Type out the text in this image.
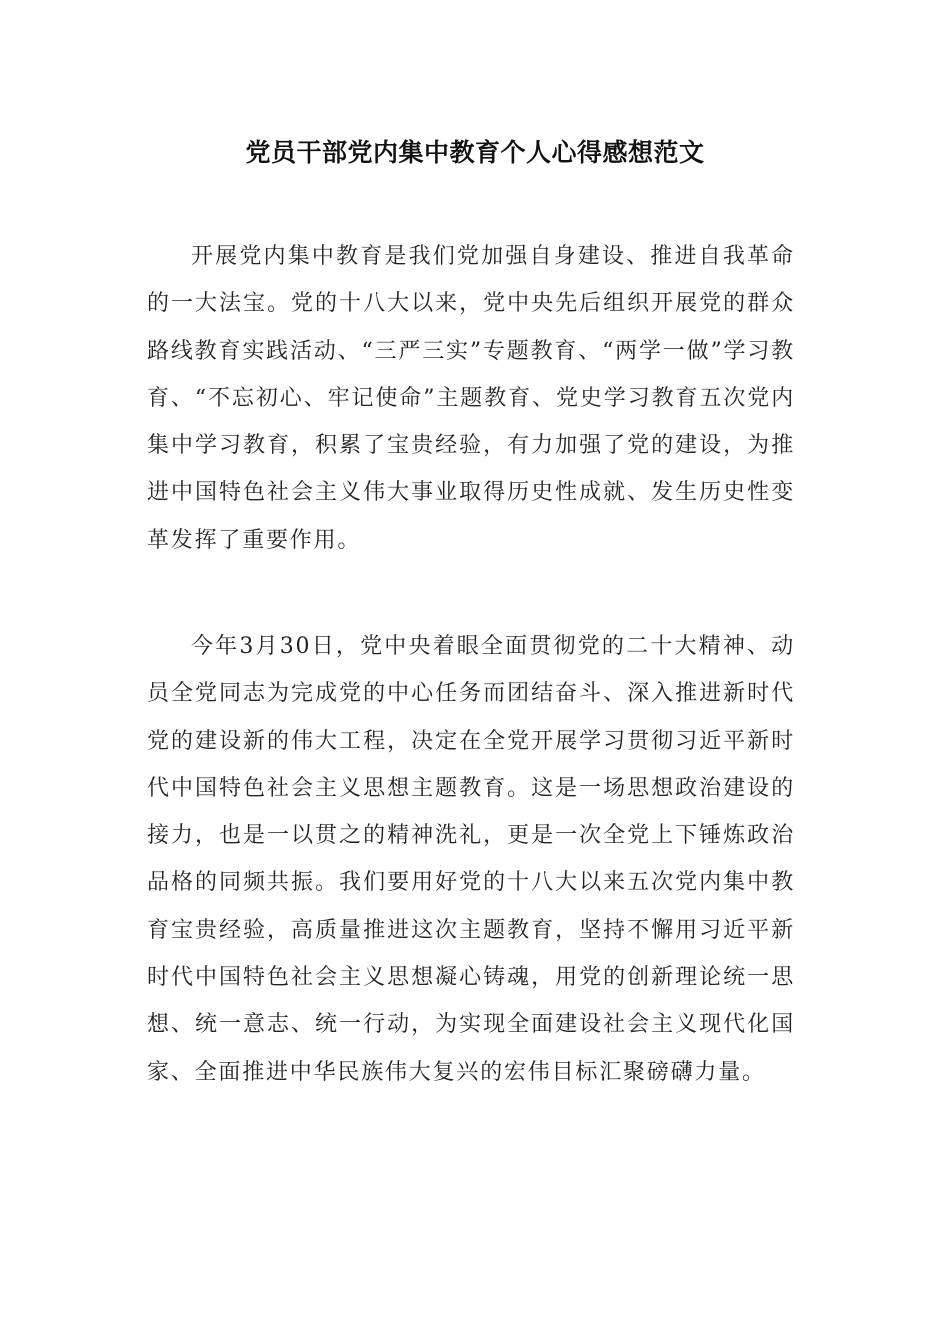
党员干部党内集中教育个人心得感想范文
开展党内集中教育是我们党加强自身建设、推进自我革命的一大法宝。党的十八大以来，党中央先后组织开展党的群众路线教育实践活动、“三严三实”专题教育、“两学一做”学习教育、“不忘初心、牢记使命”主题教育、党史学习教育五次党内集中学习教育，积累了宝贵经验，有力加强了党的建设，为推进中国特色社会主义伟大事业取得历史性成就、发生历史性变革发挥了重要作用。
今年3月30日，党中央着眼全面贯彻党的二十大精神、动员全党同志为完成党的中心任务而团结奋斗、深入推进新时代党的建设新的伟大工程，决定在全党开展学习贯彻习近平新时代中国特色社会主义思想主题教育。这是一场思想政治建设的接力，也是一以贯之的精神洗礼，更是一次全党上下锤炼政治品格的同频共振。我们要用好党的十八大以来五次党内集中教育宝贵经验，高质量推进这次主题教育，坚持不懈用习近平新时代中国特色社会主义思想凝心铸魂，用党的创新理论统一思想、统一意志、统一行动，为实现全面建设社会主义现代化国家、全面推进中华民族伟大复兴的宏伟目标汇聚磅礴力量。
